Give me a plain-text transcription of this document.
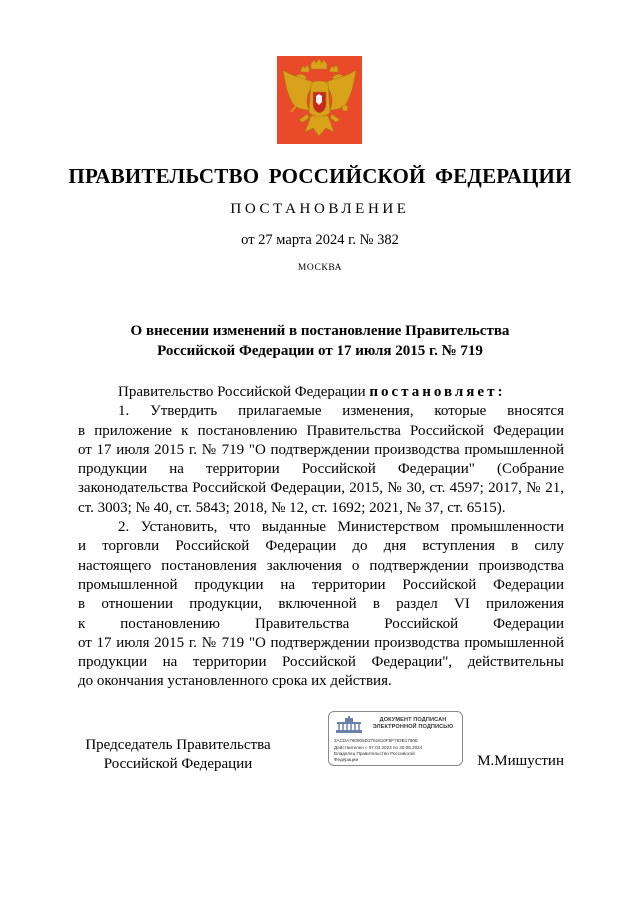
ПРАВИТЕЛЬСТВО РОССИЙСКОЙ ФЕДЕРАЦИИ
ПОСТАНОВЛЕНИЕ
от 27 марта 2024 г. № 382
МОСКВА
О внесении изменений в постановление Правительства
Российской Федерации от 17 июля 2015 г. № 719
Правительство Российской Федерации постановляет:
1. Утвердить прилагаемые изменения, которые вносятся
в приложение к постановлению Правительства Российской Федерации
от 17 июля 2015 г. № 719 "О подтверждении производства промышленной
продукции на территории Российской Федерации" (Собрание
законодательства Российской Федерации, 2015, № 30, ст. 4597; 2017, № 21,
ст. 3003; № 40, ст. 5843; 2018, № 12, ст. 1692; 2021, № 37, ст. 6515).
2. Установить, что выданные Министерством промышленности
и торговли Российской Федерации до дня вступления в силу
настоящего постановления заключения о подтверждении производства
промышленной продукции на территории Российской Федерации
в отношении продукции, включенной в раздел VI приложения
к постановлению Правительства Российской Федерации
от 17 июля 2015 г. № 719 "О подтверждении производства промышленной
продукции на территории Российской Федерации", действительны
до окончания установленного срока их действия.
Председатель Правительства
Российской Федерации
ДОКУМЕНТ ПОДПИСАН
ЭЛЕКТРОННОЙ ПОДПИСЬЮ
2ACDA760905D2761810F8F793B1780E
Действителен с 07.03.2023 по 30.05.2024
Владелец Правительство Российской
Федерации	М.Мишустин
